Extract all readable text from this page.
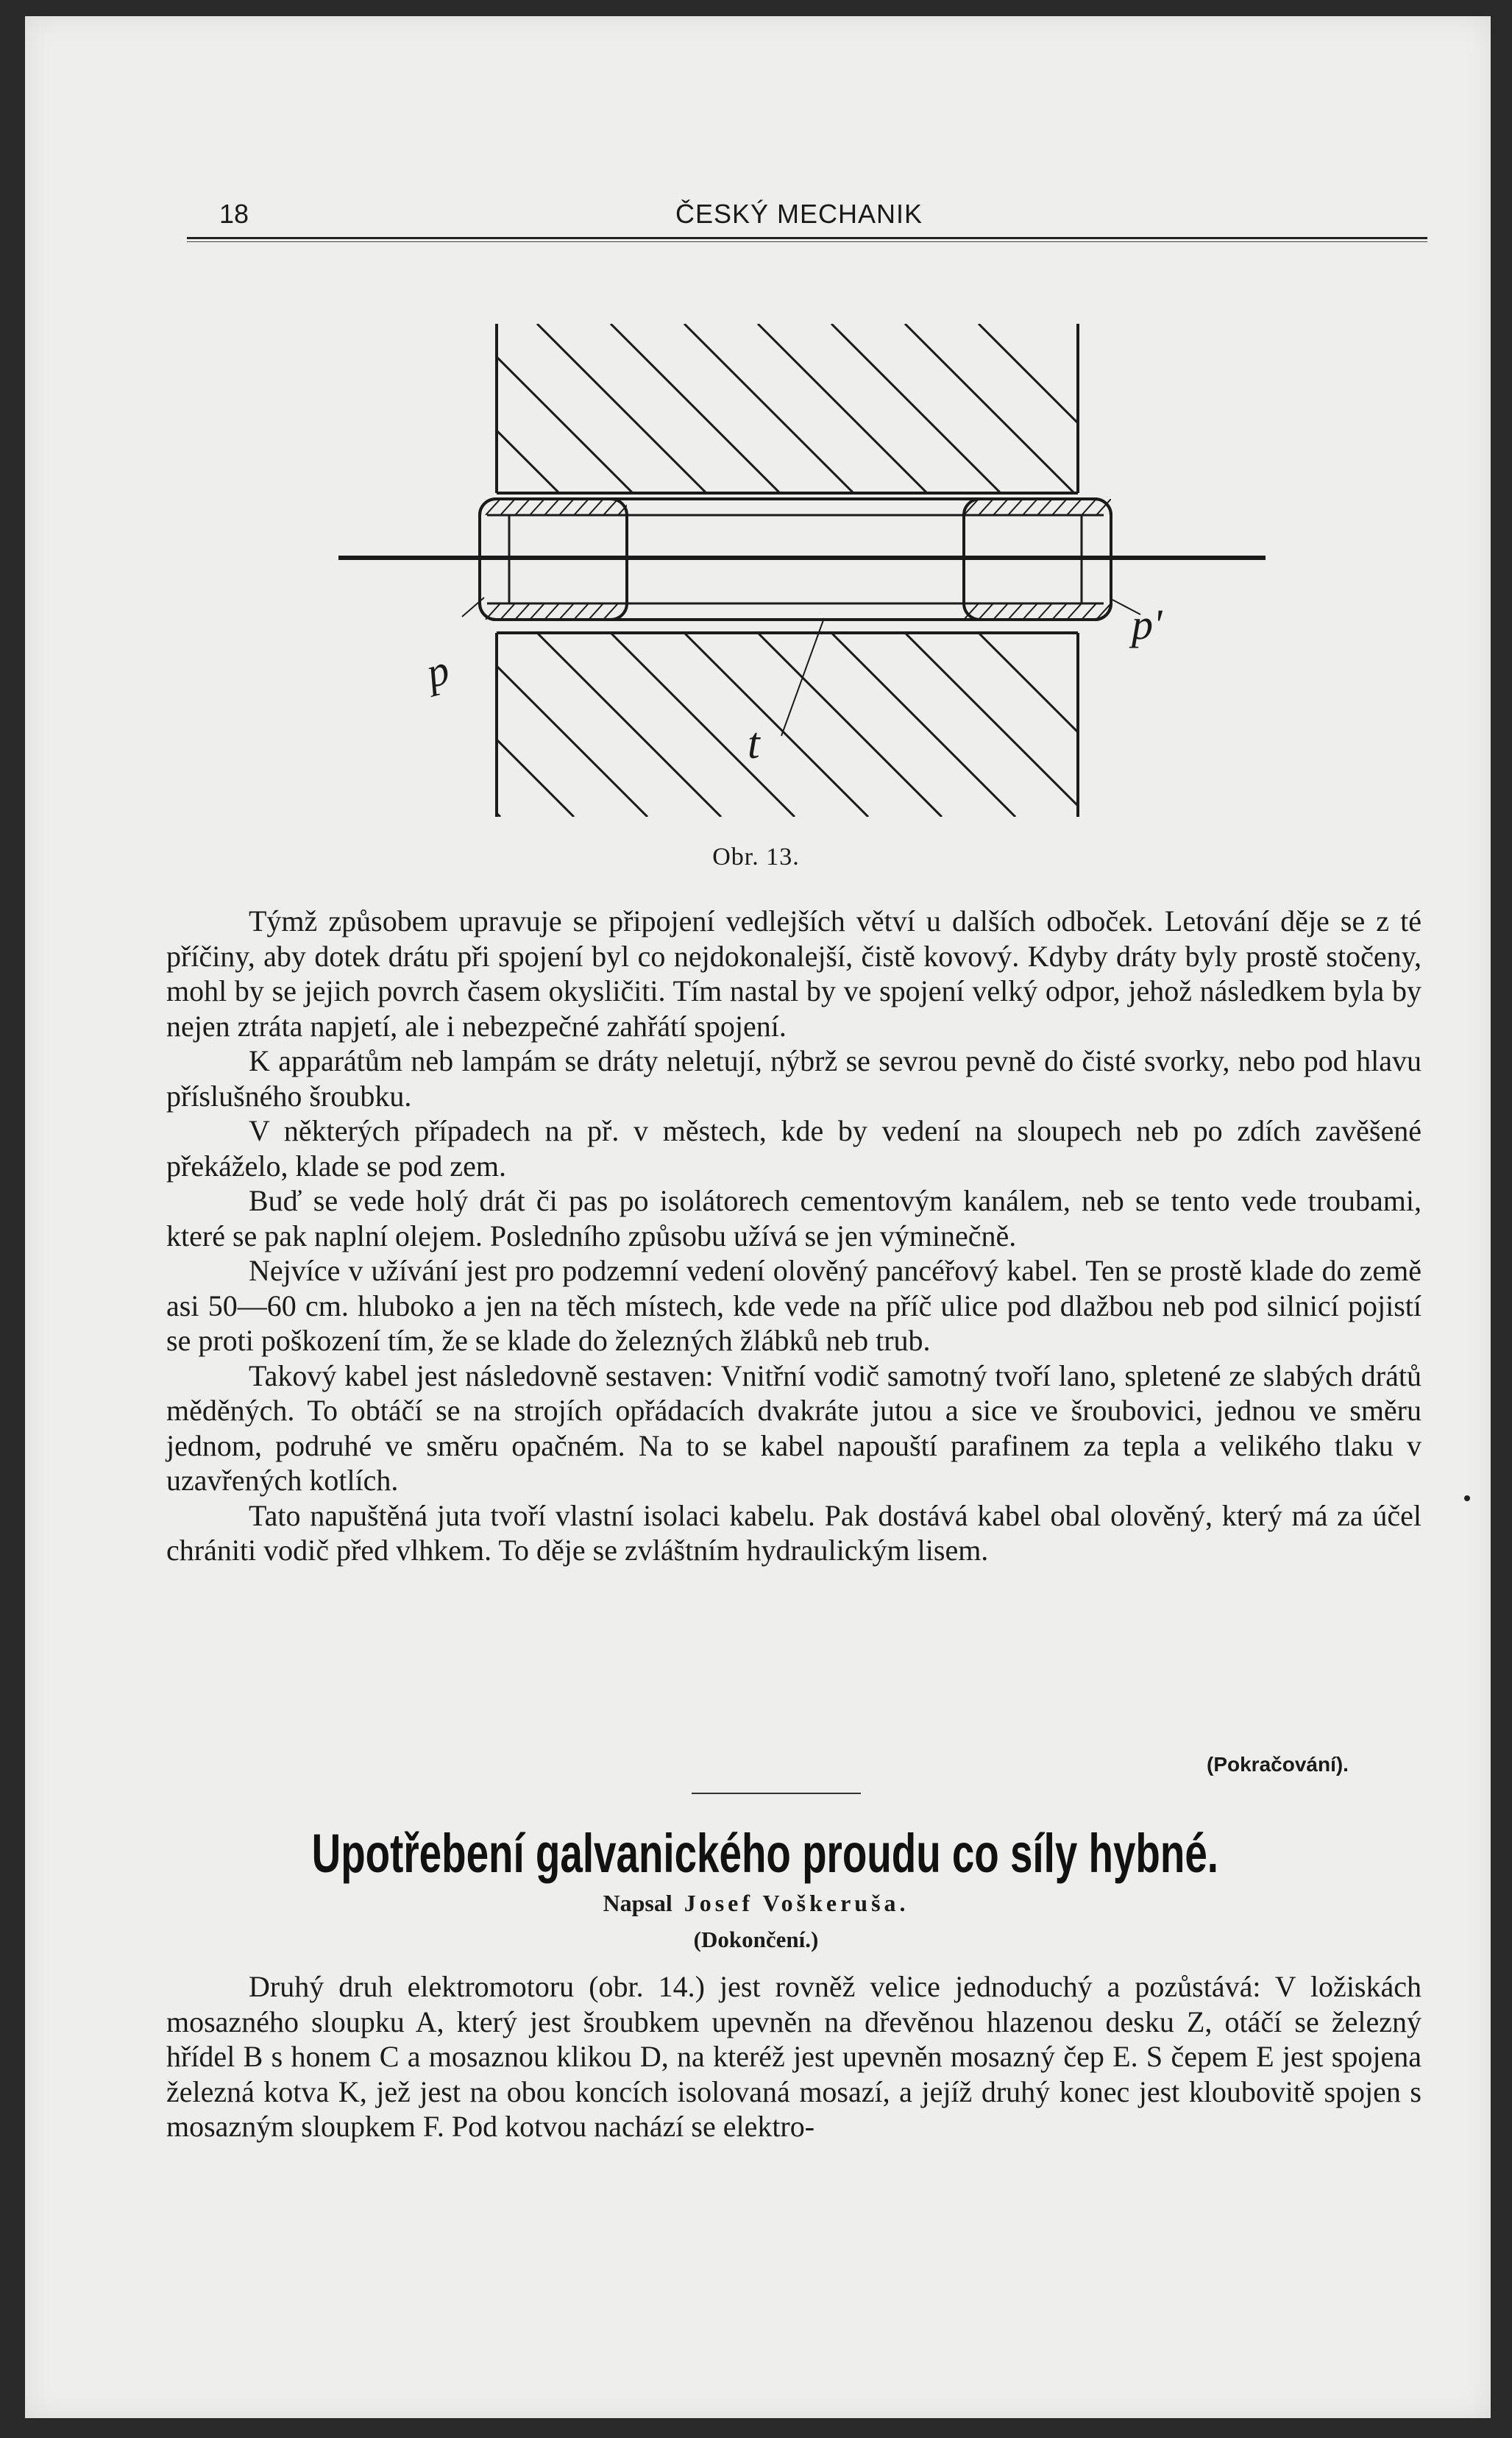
18	ČESKÝ MECHANIK
p
p'
t
Obr. 13.

Týmž způsobem upravuje se připojení vedlejších větví u dalších odboček. Letování děje se z té příčiny, aby dotek drátu při spojení byl co nejdokonalejší, čistě kovový. Kdyby dráty byly prostě stočeny, mohl by se jejich povrch časem okysličiti. Tím nastal by ve spojení velký odpor, jehož následkem byla by nejen ztráta napjetí, ale i nebezpečné zahřátí spojení.

K apparátům neb lampám se dráty neletují, nýbrž se sevrou pevně do čisté svorky, nebo pod hlavu příslušného šroubku.

V některých případech na př. v městech, kde by vedení na sloupech neb po zdích zavěšené překáželo, klade se pod zem.

Buď se vede holý drát či pas po isolátorech cementovým kanálem, neb se tento vede troubami, které se pak naplní olejem. Posledního způsobu užívá se jen výminečně.

Nejvíce v užívání jest pro podzemní vedení olověný pancéřový kabel. Ten se prostě klade do země asi 50—60 cm. hluboko a jen na těch místech, kde vede na příč ulice pod dlažbou neb pod silnicí pojistí se proti poškození tím, že se klade do železných žlábků neb trub.

Takový kabel jest následovně sestaven: Vnitřní vodič samotný tvoří lano, spletené ze slabých drátů měděných. To obtáčí se na strojích opřádacích dvakráte jutou a sice ve šroubovici, jednou ve směru jednom, podruhé ve směru opačném. Na to se kabel napouští parafinem za tepla a velikého tlaku v uzavřených kotlích.

Tato napuštěná juta tvoří vlastní isolaci kabelu. Pak dostává kabel obal olověný, který má za účel chrániti vodič před vlhkem. To děje se zvláštním hydraulickým lisem.

(Pokračování).
Upotřebení galvanického proudu co síly hybné.
Napsal Josef Voškeruša.
(Dokončení.)

Druhý druh elektromotoru (obr. 14.) jest rovněž velice jednoduchý a pozůstává: V ložiskách mosazného sloupku A, který jest šroubkem upevněn na dřevěnou hlazenou desku Z, otáčí se železný hřídel B s honem C a mosaznou klikou D, na kteréž jest upevněn mosazný čep E. S čepem E jest spojena železná kotva K, jež jest na obou koncích isolovaná mosazí, a jejíž druhý konec jest kloubovitě spojen s mosazným sloupkem F. Pod kotvou nachází se elektro-
